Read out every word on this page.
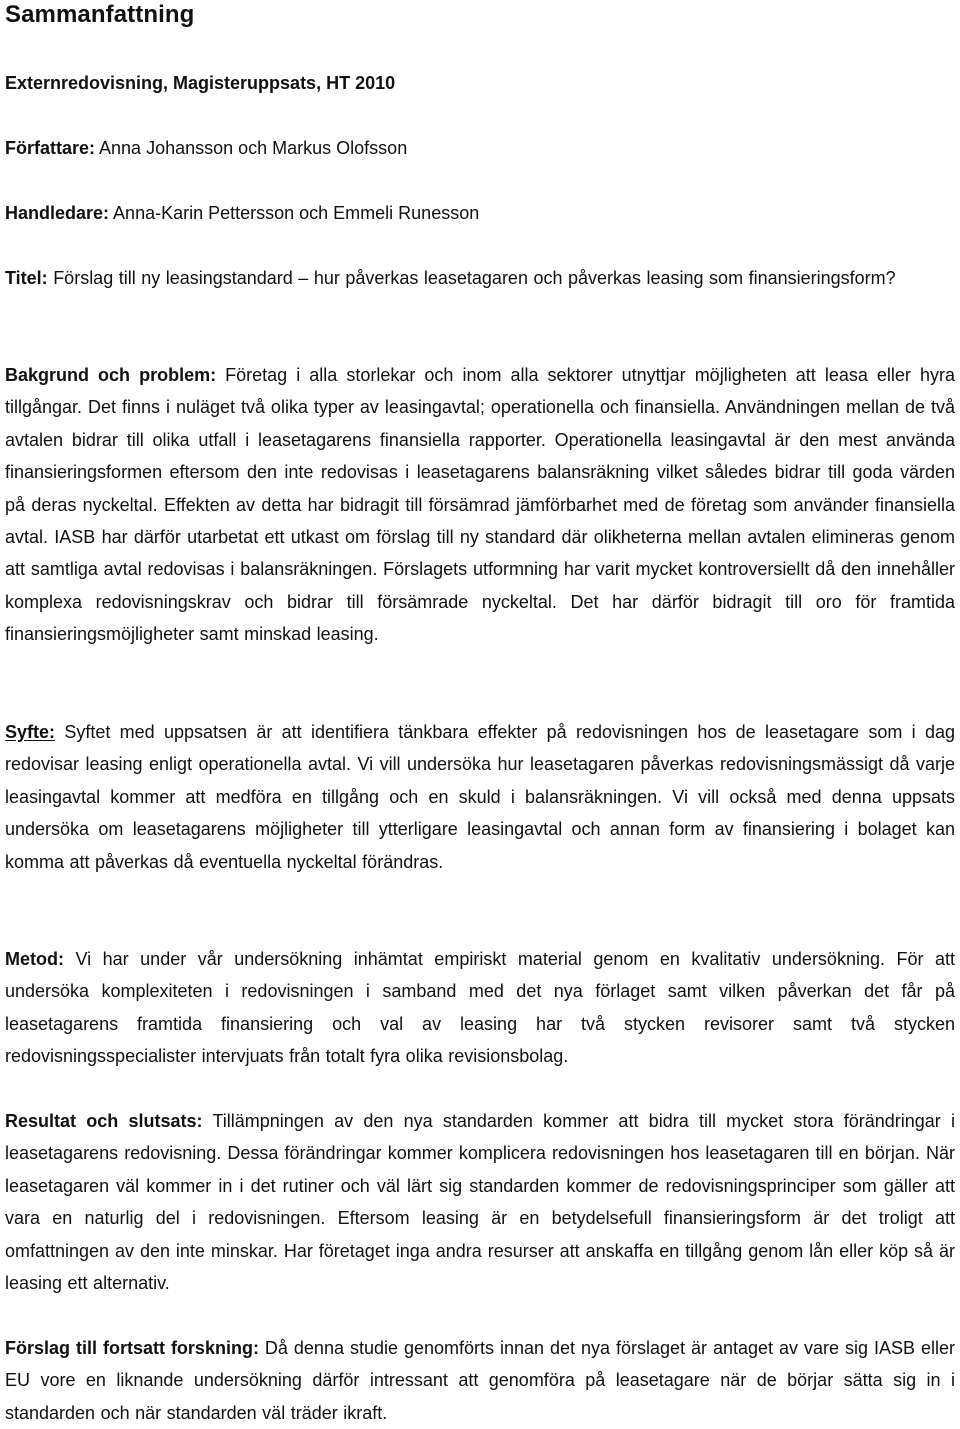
Sammanfattning

Externredovisning, Magisteruppsats, HT 2010

Författare: Anna Johansson och Markus Olofsson

Handledare: Anna-Karin Pettersson och Emmeli Runesson

Titel: Förslag till ny leasingstandard – hur påverkas leasetagaren och påverkas leasing som finansieringsform?

Bakgrund och problem: Företag i alla storlekar och inom alla sektorer utnyttjar möjligheten att leasa eller hyra tillgångar. Det finns i nuläget två olika typer av leasingavtal; operationella och finansiella. Användningen mellan de två avtalen bidrar till olika utfall i leasetagarens finansiella rapporter. Operationella leasingavtal är den mest använda finansieringsformen eftersom den inte redovisas i leasetagarens balansräkning vilket således bidrar till goda värden på deras nyckeltal. Effekten av detta har bidragit till försämrad jämförbarhet med de företag som använder finansiella avtal. IASB har därför utarbetat ett utkast om förslag till ny standard där olikheterna mellan avtalen elimineras genom att samtliga avtal redovisas i balansräkningen. Förslagets utformning har varit mycket kontroversiellt då den innehåller komplexa redovisningskrav och bidrar till försämrade nyckeltal. Det har därför bidragit till oro för framtida finansieringsmöjligheter samt minskad leasing.

Syfte: Syftet med uppsatsen är att identifiera tänkbara effekter på redovisningen hos de leasetagare som i dag redovisar leasing enligt operationella avtal. Vi vill undersöka hur leasetagaren påverkas redovisningsmässigt då varje leasingavtal kommer att medföra en tillgång och en skuld i balansräkningen. Vi vill också med denna uppsats undersöka om leasetagarens möjligheter till ytterligare leasingavtal och annan form av finansiering i bolaget kan komma att påverkas då eventuella nyckeltal förändras.

Metod: Vi har under vår undersökning inhämtat empiriskt material genom en kvalitativ undersökning. För att undersöka komplexiteten i redovisningen i samband med det nya förlaget samt vilken påverkan det får på leasetagarens framtida finansiering och val av leasing har två stycken revisorer samt två stycken redovisningsspecialister intervjuats från totalt fyra olika revisionsbolag.

Resultat och slutsats: Tillämpningen av den nya standarden kommer att bidra till mycket stora förändringar i leasetagarens redovisning. Dessa förändringar kommer komplicera redovisningen hos leasetagaren till en början. När leasetagaren väl kommer in i det rutiner och väl lärt sig standarden kommer de redovisningsprinciper som gäller att vara en naturlig del i redovisningen. Eftersom leasing är en betydelsefull finansieringsform är det troligt att omfattningen av den inte minskar. Har företaget inga andra resurser att anskaffa en tillgång genom lån eller köp så är leasing ett alternativ.

Förslag till fortsatt forskning: Då denna studie genomförts innan det nya förslaget är antaget av vare sig IASB eller EU vore en liknande undersökning därför intressant att genomföra på leasetagare när de börjar sätta sig in i standarden och när standarden väl träder ikraft.
